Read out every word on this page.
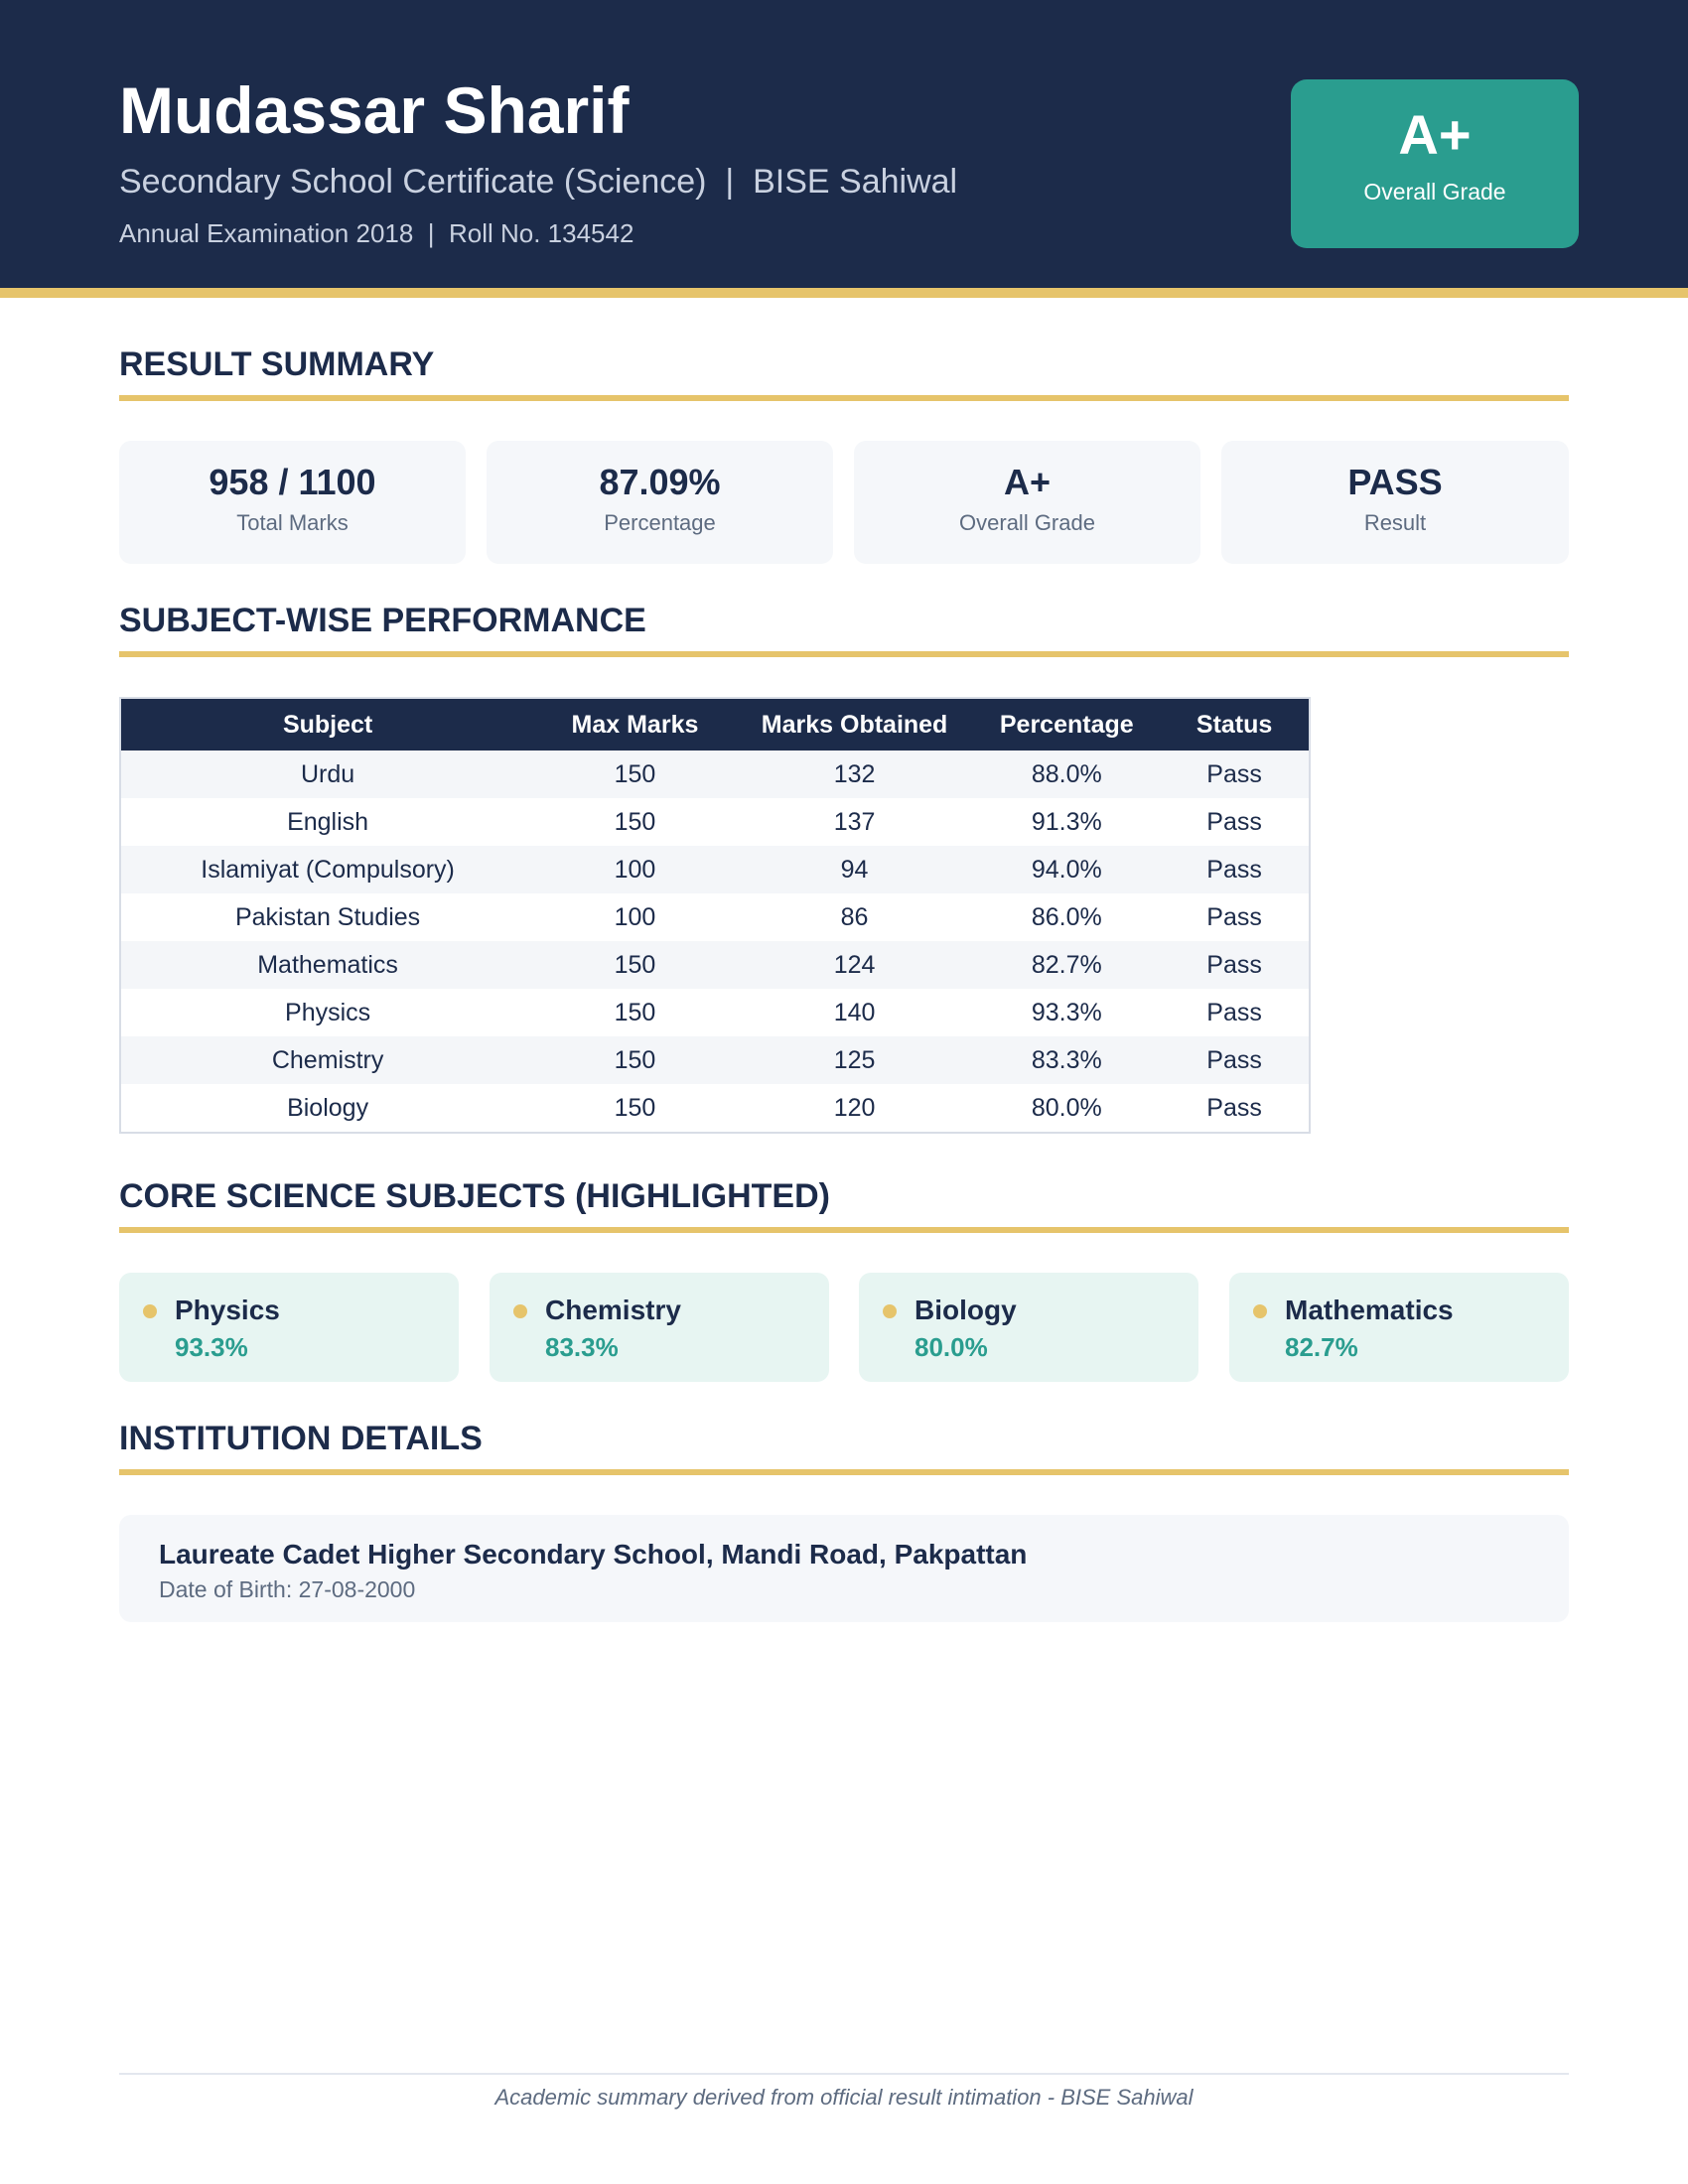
Mudassar Sharif
Secondary School Certificate (Science)  |  BISE Sahiwal
Annual Examination 2018  |  Roll No. 134542
A+
Overall Grade
RESULT SUMMARY
958 / 1100
Total Marks
87.09%
Percentage
A+
Overall Grade
PASS
Result
SUBJECT-WISE PERFORMANCE
Subject	Max Marks	Marks Obtained	Percentage	Status
Urdu	150	132	88.0%	Pass
English	150	137	91.3%	Pass
Islamiyat (Compulsory)	100	94	94.0%	Pass
Pakistan Studies	100	86	86.0%	Pass
Mathematics	150	124	82.7%	Pass
Physics	150	140	93.3%	Pass
Chemistry	150	125	83.3%	Pass
Biology	150	120	80.0%	Pass
CORE SCIENCE SUBJECTS (HIGHLIGHTED)
Physics
93.3%
Chemistry
83.3%
Biology
80.0%
Mathematics
82.7%
INSTITUTION DETAILS
Laureate Cadet Higher Secondary School, Mandi Road, Pakpattan
Date of Birth: 27-08-2000
Academic summary derived from official result intimation - BISE Sahiwal
